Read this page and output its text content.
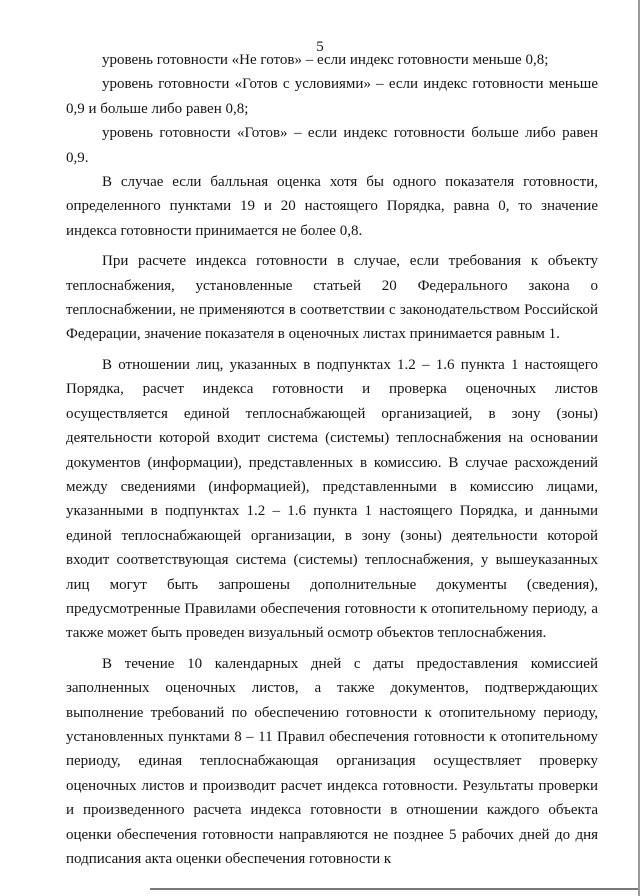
5

уровень готовности «Не готов» – если индекс готовности меньше 0,8;

уровень готовности «Готов с условиями» – если индекс готовности меньше 0,9 и больше либо равен 0,8;

уровень готовности «Готов» – если индекс готовности больше либо равен 0,9.

В случае если балльная оценка хотя бы одного показателя готовности, определенного пунктами 19 и 20 настоящего Порядка, равна 0, то значение индекса готовности принимается не более 0,8.

При расчете индекса готовности в случае, если требования к объекту теплоснабжения, установленные статьей 20 Федерального закона о теплоснабжении, не применяются в соответствии с законодательством Российской Федерации, значение показателя в оценочных листах принимается равным 1.

В отношении лиц, указанных в подпунктах 1.2 – 1.6 пункта 1 настоящего Порядка, расчет индекса готовности и проверка оценочных листов осуществляется единой теплоснабжающей организацией, в зону (зоны) деятельности которой входит система (системы) теплоснабжения на основании документов (информации), представленных в комиссию. В случае расхождений между сведениями (информацией), представленными в комиссию лицами, указанными в подпунктах 1.2 – 1.6 пункта 1 настоящего Порядка, и данными единой теплоснабжающей организации, в зону (зоны) деятельности которой входит соответствующая система (системы) теплоснабжения, у вышеуказанных лиц могут быть запрошены дополнительные документы (сведения), предусмотренные Правилами обеспечения готовности к отопительному периоду, а также может быть проведен визуальный осмотр объектов теплоснабжения.

В течение 10 календарных дней с даты предоставления комиссией заполненных оценочных листов, а также документов, подтверждающих выполнение требований по обеспечению готовности к отопительному периоду, установленных пунктами 8 – 11 Правил обеспечения готовности к отопительному периоду, единая теплоснабжающая организация осуществляет проверку оценочных листов и производит расчет индекса готовности. Результаты проверки и произведенного расчета индекса готовности в отношении каждого объекта оценки обеспечения готовности направляются не позднее 5 рабочих дней до дня подписания акта оценки обеспечения готовности к
